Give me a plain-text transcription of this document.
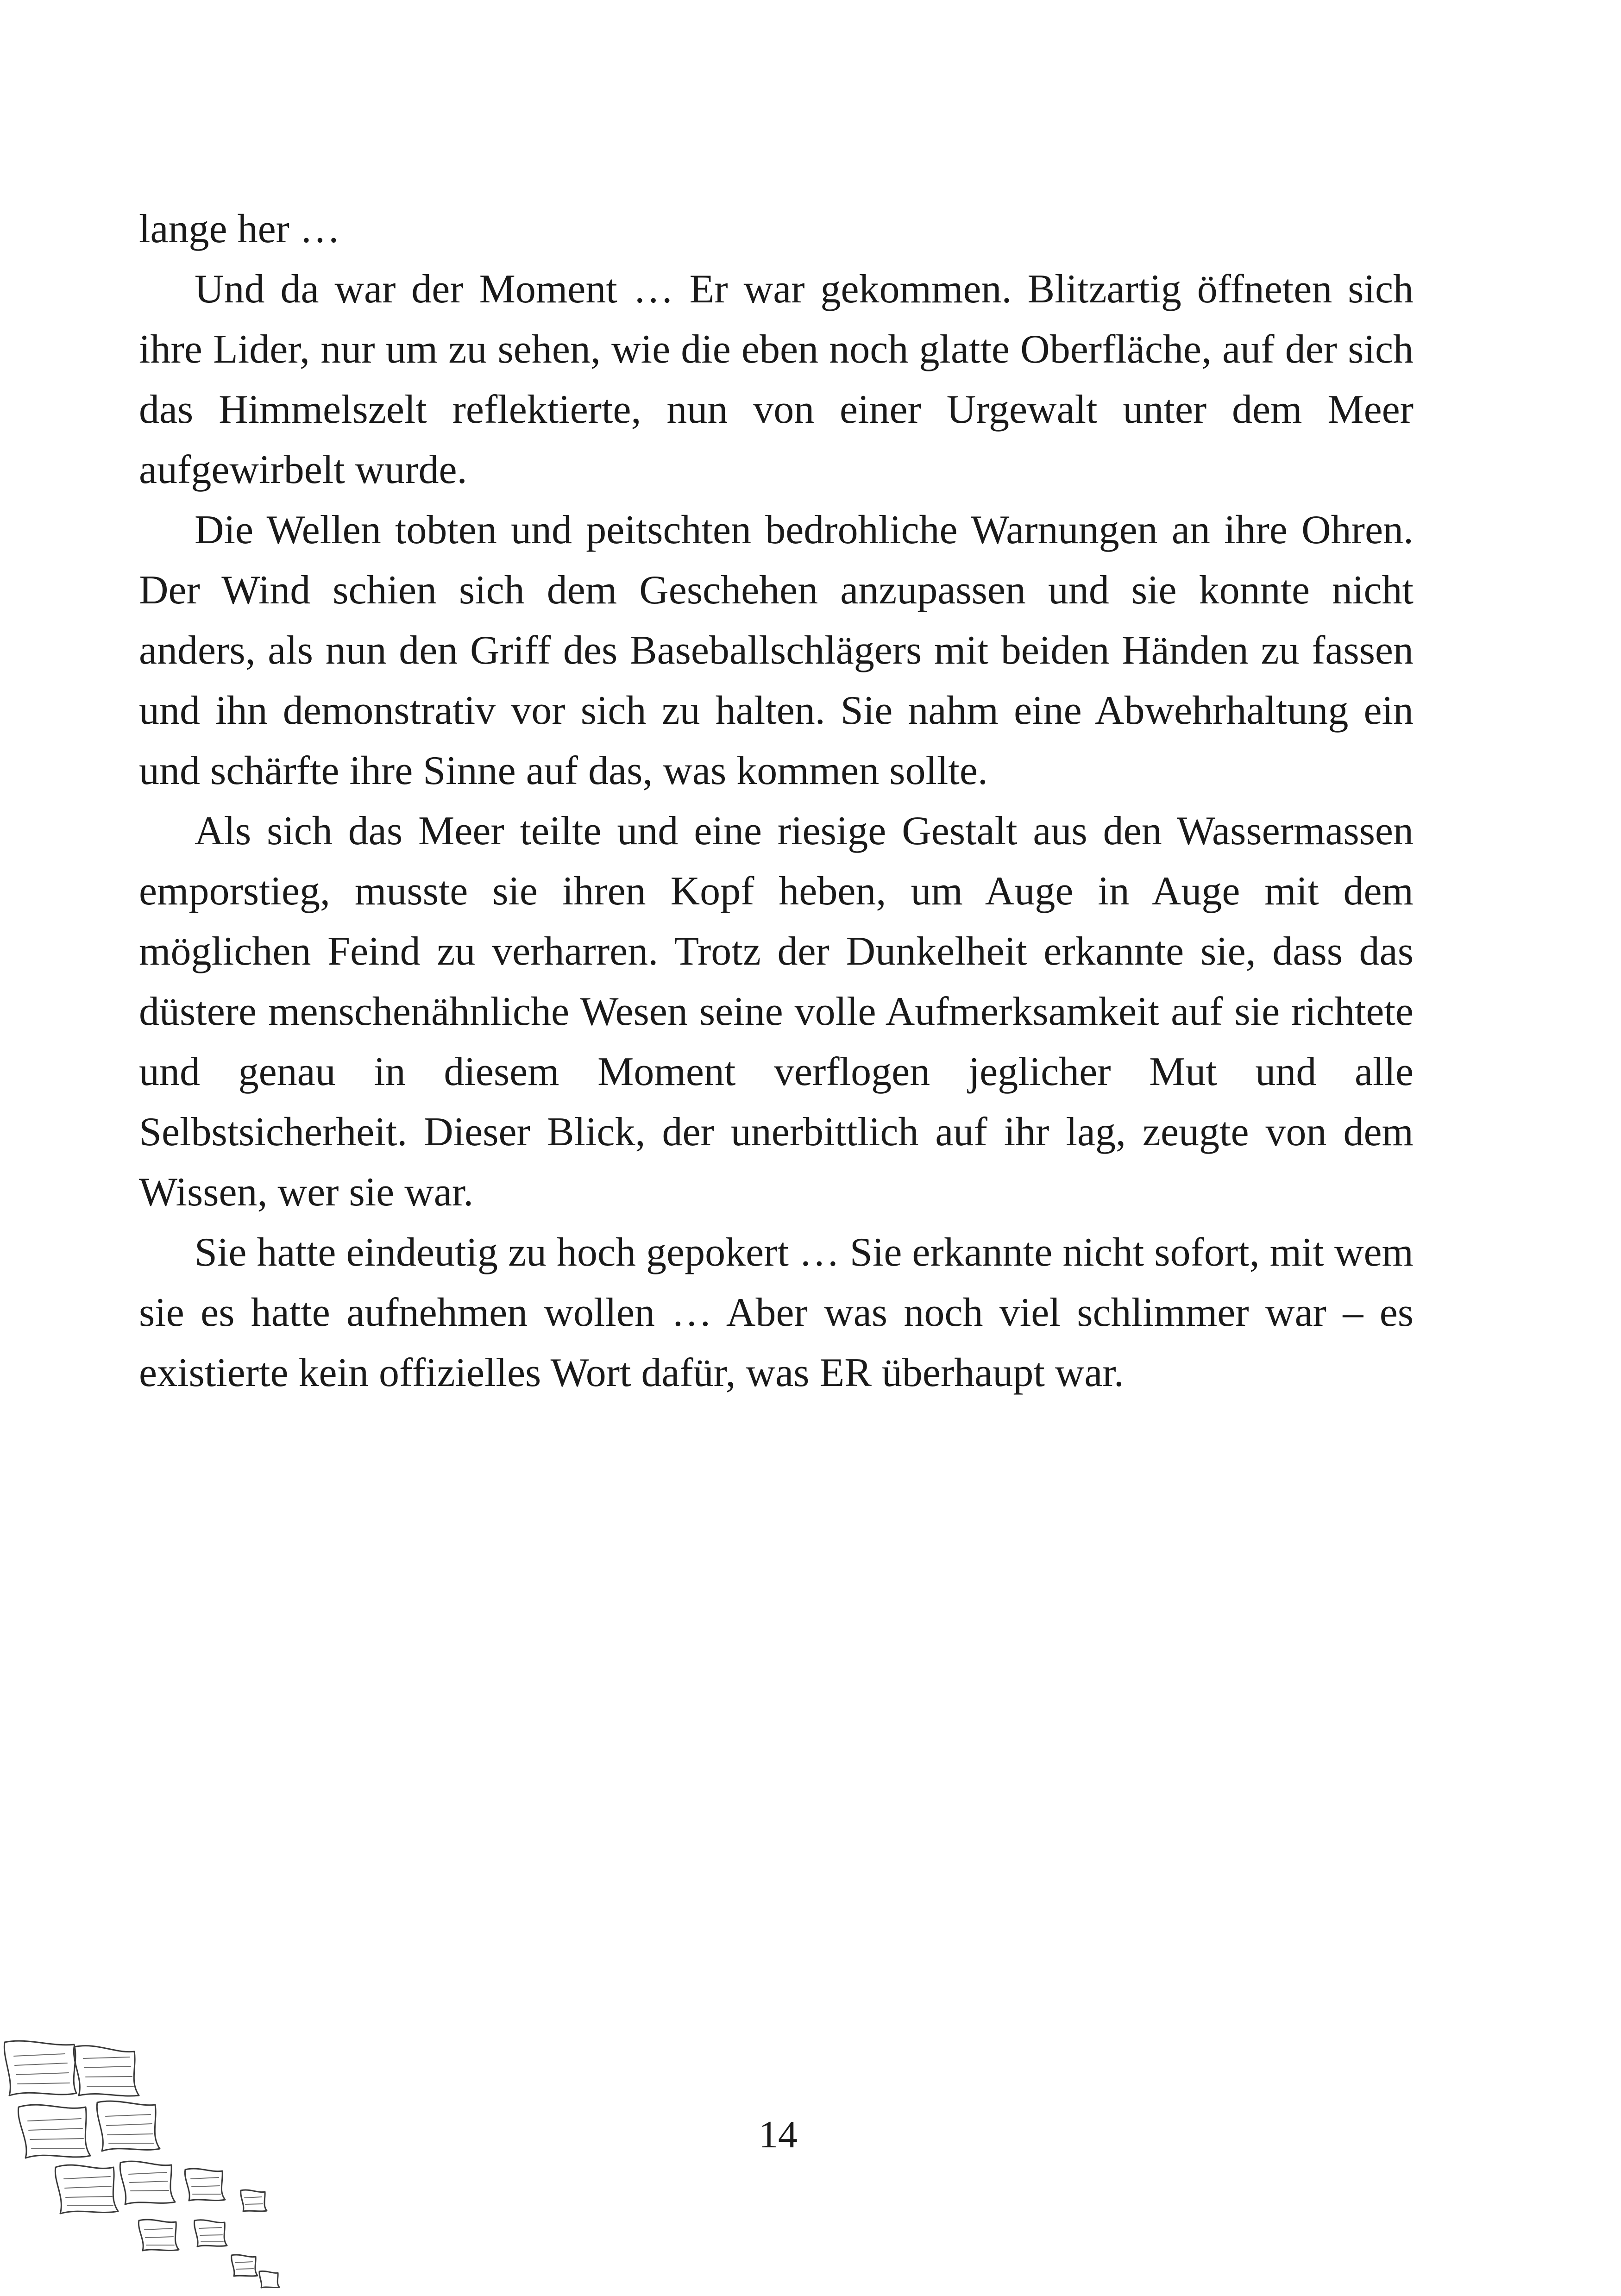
lange her …

Und da war der Moment … Er war gekommen. Blitzartig öffneten sich ihre Lider, nur um zu sehen, wie die eben noch glatte Oberfläche, auf der sich das Himmelszelt reflektierte, nun von einer Urgewalt unter dem Meer aufgewirbelt wurde.

Die Wellen tobten und peitschten bedrohliche Warnungen an ihre Ohren. Der Wind schien sich dem Geschehen anzupassen und sie konnte nicht anders, als nun den Griff des Baseballschlägers mit beiden Händen zu fassen und ihn demonstrativ vor sich zu halten. Sie nahm eine Abwehrhaltung ein und schärfte ihre Sinne auf das, was kommen sollte.

Als sich das Meer teilte und eine riesige Gestalt aus den Wassermassen emporstieg, musste sie ihren Kopf heben, um Auge in Auge mit dem möglichen Feind zu verharren. Trotz der Dunkelheit erkannte sie, dass das düstere menschenähnliche Wesen seine volle Aufmerksamkeit auf sie richtete und genau in diesem Moment verflogen jeglicher Mut und alle Selbstsicherheit. Dieser Blick, der unerbittlich auf ihr lag, zeugte von dem Wissen, wer sie war.

Sie hatte eindeutig zu hoch gepokert … Sie erkannte nicht sofort, mit wem sie es hatte aufnehmen wollen … Aber was noch viel schlimmer war – es existierte kein offizielles Wort dafür, was ER überhaupt war.

14
